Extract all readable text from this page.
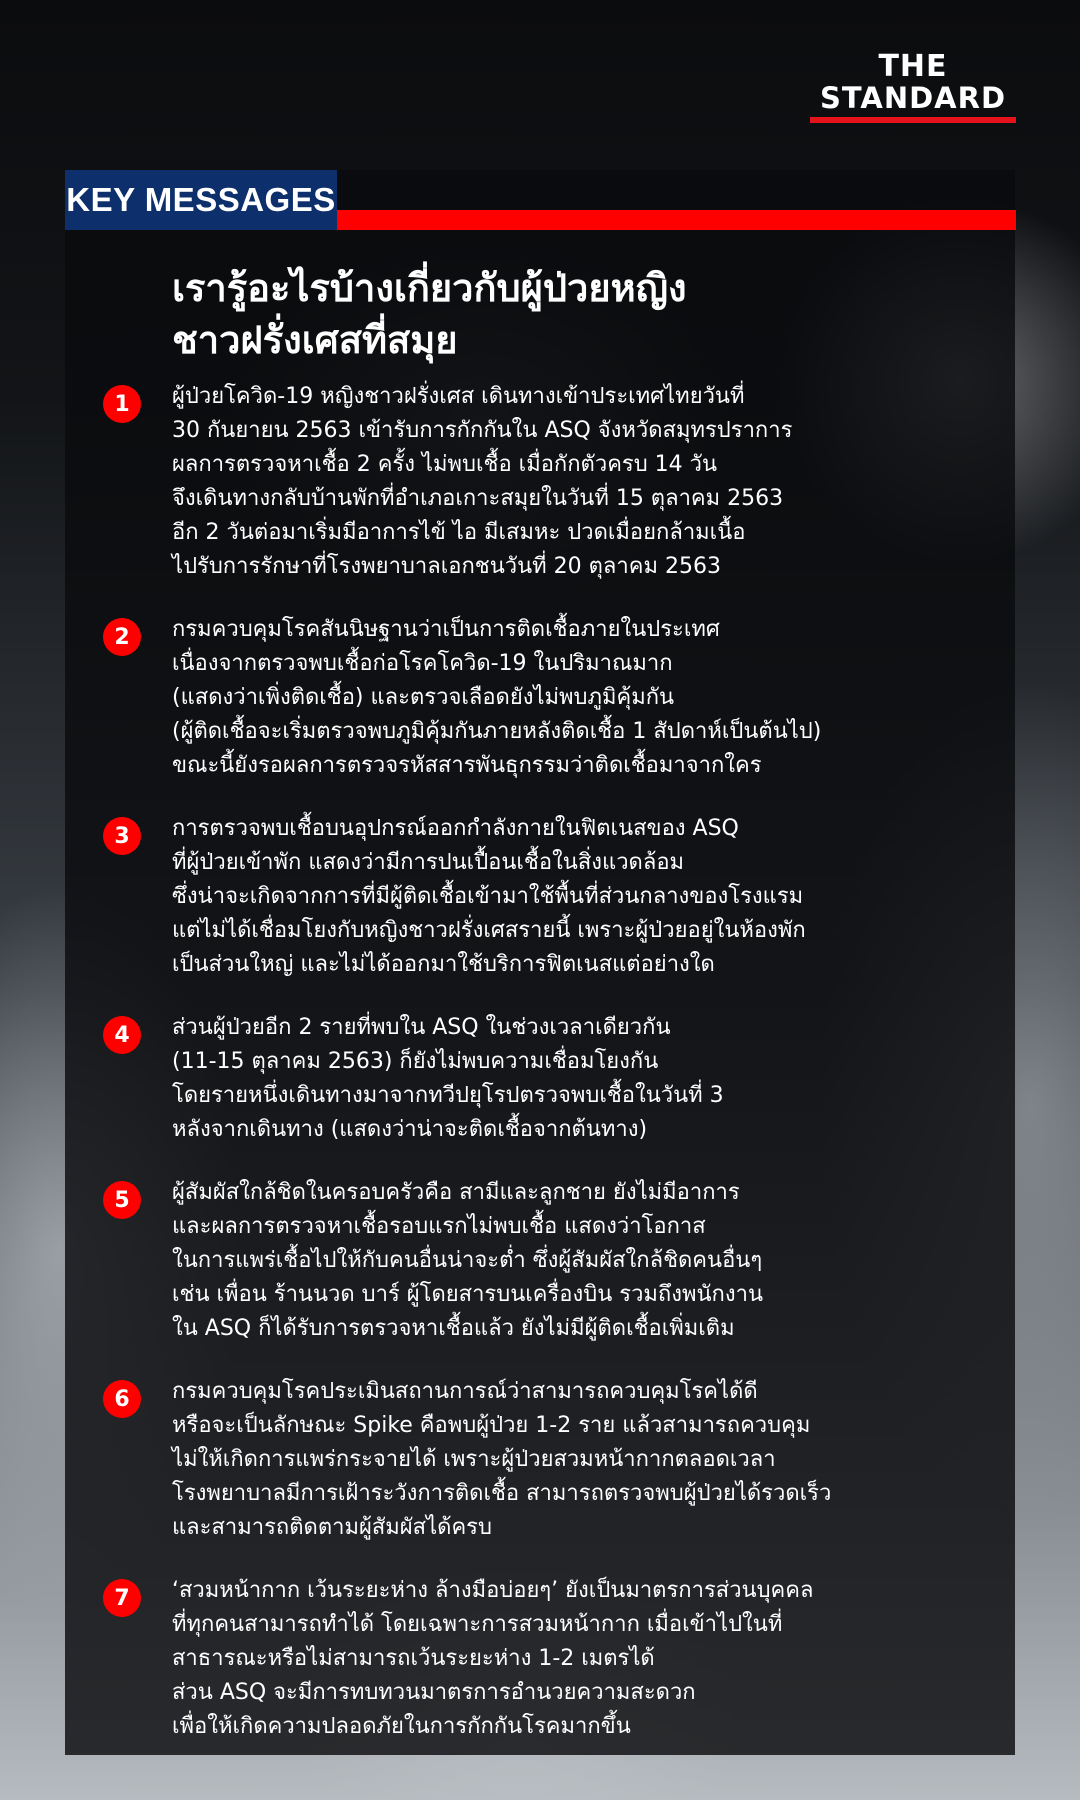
THE
STANDARD
KEY MESSAGES
เรารู้อะไรบ้างเกี่ยวกับผู้ป่วยหญิง
ชาวฝรั่งเศสที่สมุย
1	ผู้ป่วยโควิด-19 หญิงชาวฝรั่งเศส เดินทางเข้าประเทศไทยวันที่
30 กันยายน 2563 เข้ารับการกักกันใน ASQ จังหวัดสมุทรปราการ
ผลการตรวจหาเชื้อ 2 ครั้ง ไม่พบเชื้อ เมื่อกักตัวครบ 14 วัน
จึงเดินทางกลับบ้านพักที่อำเภอเกาะสมุยในวันที่ 15 ตุลาคม 2563
อีก 2 วันต่อมาเริ่มมีอาการไข้ ไอ มีเสมหะ ปวดเมื่อยกล้ามเนื้อ
ไปรับการรักษาที่โรงพยาบาลเอกชนวันที่ 20 ตุลาคม 2563
2	กรมควบคุมโรคสันนิษฐานว่าเป็นการติดเชื้อภายในประเทศ
เนื่องจากตรวจพบเชื้อก่อโรคโควิด-19 ในปริมาณมาก
(แสดงว่าเพิ่งติดเชื้อ) และตรวจเลือดยังไม่พบภูมิคุ้มกัน
(ผู้ติดเชื้อจะเริ่มตรวจพบภูมิคุ้มกันภายหลังติดเชื้อ 1 สัปดาห์เป็นต้นไป)
ขณะนี้ยังรอผลการตรวจรหัสสารพันธุกรรมว่าติดเชื้อมาจากใคร
3	การตรวจพบเชื้อบนอุปกรณ์ออกกำลังกายในฟิตเนสของ ASQ
ที่ผู้ป่วยเข้าพัก แสดงว่ามีการปนเปื้อนเชื้อในสิ่งแวดล้อม
ซึ่งน่าจะเกิดจากการที่มีผู้ติดเชื้อเข้ามาใช้พื้นที่ส่วนกลางของโรงแรม
แต่ไม่ได้เชื่อมโยงกับหญิงชาวฝรั่งเศสรายนี้ เพราะผู้ป่วยอยู่ในห้องพัก
เป็นส่วนใหญ่ และไม่ได้ออกมาใช้บริการฟิตเนสแต่อย่างใด
4	ส่วนผู้ป่วยอีก 2 รายที่พบใน ASQ ในช่วงเวลาเดียวกัน
(11-15 ตุลาคม 2563) ก็ยังไม่พบความเชื่อมโยงกัน
โดยรายหนึ่งเดินทางมาจากทวีปยุโรปตรวจพบเชื้อในวันที่ 3
หลังจากเดินทาง (แสดงว่าน่าจะติดเชื้อจากต้นทาง)
5	ผู้สัมผัสใกล้ชิดในครอบครัวคือ สามีและลูกชาย ยังไม่มีอาการ
และผลการตรวจหาเชื้อรอบแรกไม่พบเชื้อ แสดงว่าโอกาส
ในการแพร่เชื้อไปให้กับคนอื่นน่าจะต่ำ ซึ่งผู้สัมผัสใกล้ชิดคนอื่นๆ
เช่น เพื่อน ร้านนวด บาร์ ผู้โดยสารบนเครื่องบิน รวมถึงพนักงาน
ใน ASQ ก็ได้รับการตรวจหาเชื้อแล้ว ยังไม่มีผู้ติดเชื้อเพิ่มเติม
6	กรมควบคุมโรคประเมินสถานการณ์ว่าสามารถควบคุมโรคได้ดี
หรือจะเป็นลักษณะ Spike คือพบผู้ป่วย 1-2 ราย แล้วสามารถควบคุม
ไม่ให้เกิดการแพร่กระจายได้ เพราะผู้ป่วยสวมหน้ากากตลอดเวลา
โรงพยาบาลมีการเฝ้าระวังการติดเชื้อ สามารถตรวจพบผู้ป่วยได้รวดเร็ว
และสามารถติดตามผู้สัมผัสได้ครบ
7	‘สวมหน้ากาก เว้นระยะห่าง ล้างมือบ่อยๆ’ ยังเป็นมาตรการส่วนบุคคล
ที่ทุกคนสามารถทำได้ โดยเฉพาะการสวมหน้ากาก เมื่อเข้าไปในที่
สาธารณะหรือไม่สามารถเว้นระยะห่าง 1-2 เมตรได้
ส่วน ASQ จะมีการทบทวนมาตรการอำนวยความสะดวก
เพื่อให้เกิดความปลอดภัยในการกักกันโรคมากขึ้น
